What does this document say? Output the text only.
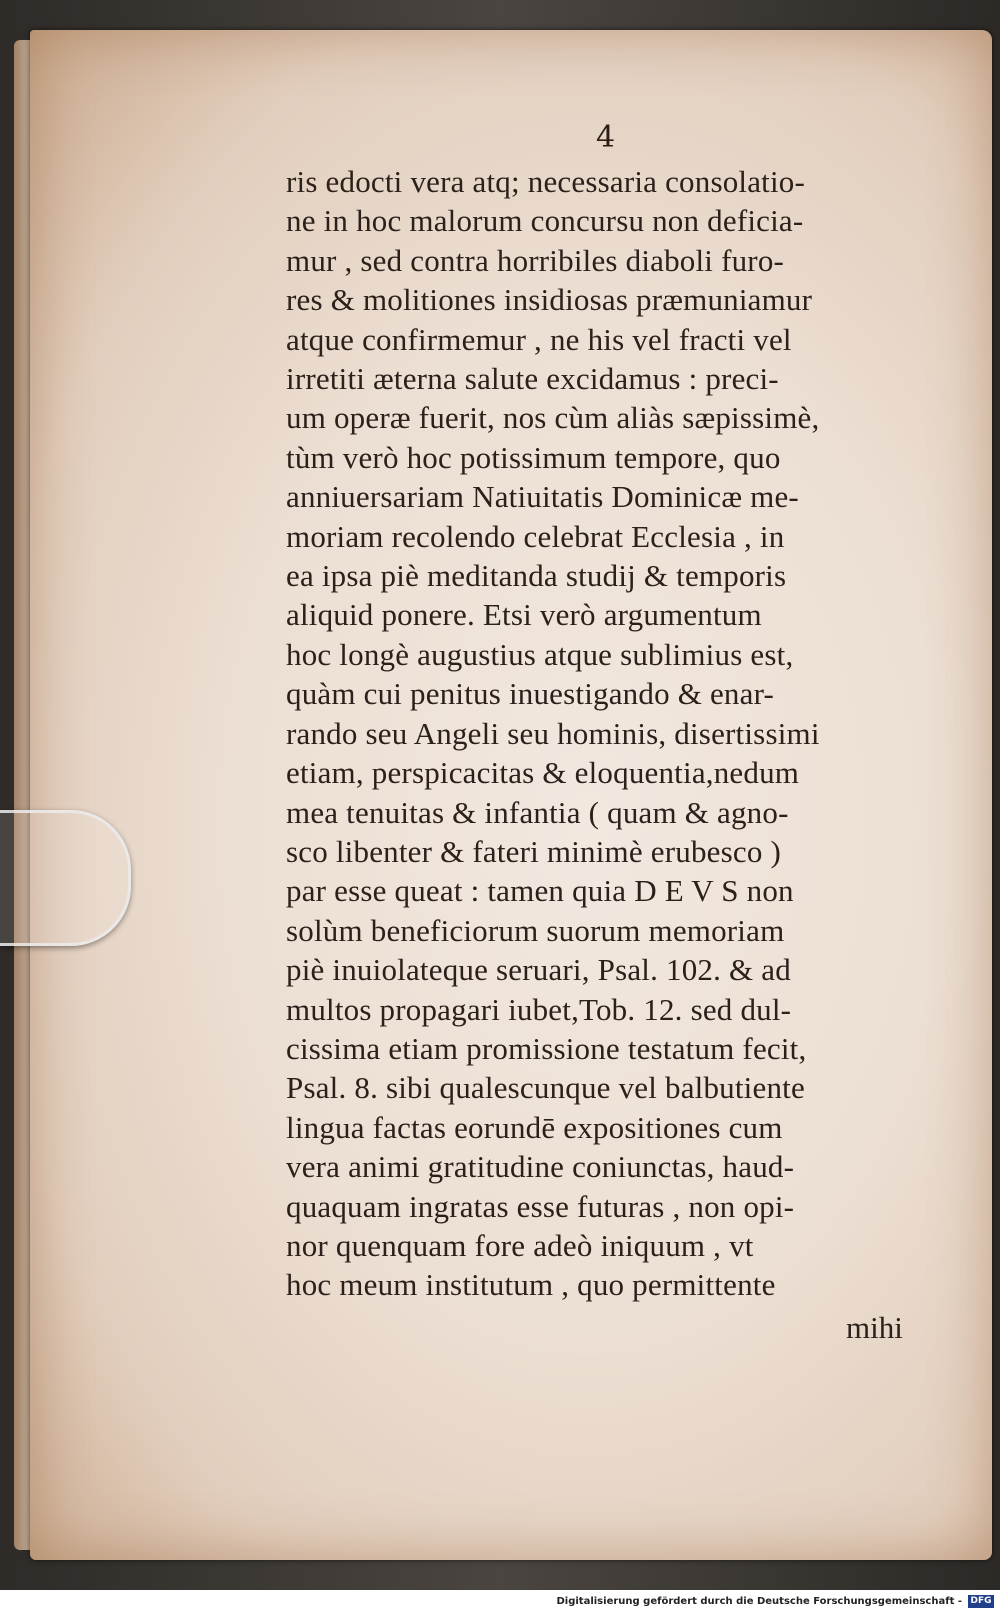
4
ris edocti vera atq; necessaria consolatio-
ne in hoc malorum concursu non deficia-
mur , sed contra horribiles diaboli furo-
res & molitiones insidiosas præmuniamur
atque confirmemur , ne his vel fracti vel
irretiti æterna salute excidamus : preci-
um operæ fuerit, nos cùm aliàs sæpissimè,
tùm verò hoc potissimum tempore, quo
anniuersariam Natiuitatis Dominicæ me-
moriam recolendo celebrat Ecclesia , in
ea ipsa piè meditanda studij & temporis
aliquid ponere. Etsi verò argumentum
hoc longè augustius atque sublimius est,
quàm cui penitus inuestigando & enar-
rando seu Angeli seu hominis, disertissimi
etiam, perspicacitas & eloquentia,nedum
mea tenuitas & infantia ( quam & agno-
sco libenter & fateri minimè erubesco )
par esse queat : tamen quia D E V S non
solùm beneficiorum suorum memoriam
piè inuiolateque seruari, Psal. 102. & ad
multos propagari iubet,Tob. 12. sed dul-
cissima etiam promissione testatum fecit,
Psal. 8. sibi qualescunque vel balbutiente
lingua factas eorundē expositiones cum
vera animi gratitudine coniunctas, haud-
quaquam ingratas esse futuras , non opi-
nor quenquam fore adeò iniquum , vt
hoc meum institutum , quo permittente
mihi
Digitalisierung gefördert durch die Deutsche Forschungsgemeinschaft - DFG
